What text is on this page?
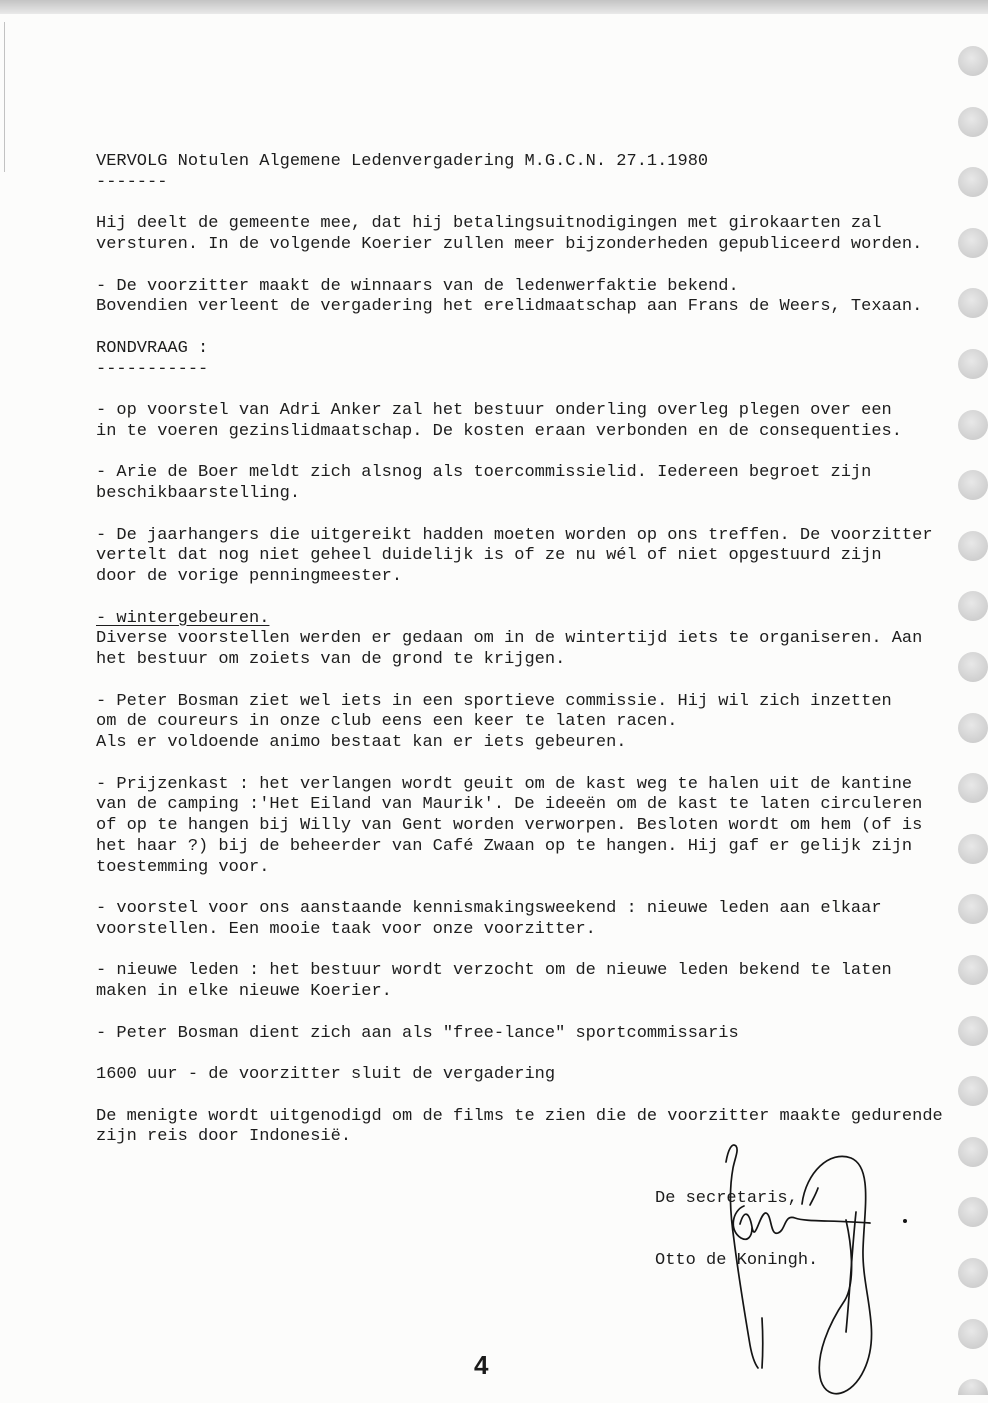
VERVOLG Notulen Algemene Ledenvergadering M.G.C.N. 27.1.1980
-------
Hij deelt de gemeente mee, dat hij betalingsuitnodigingen met girokaarten zal
versturen. In de volgende Koerier zullen meer bijzonderheden gepubliceerd worden.
- De voorzitter maakt de winnaars van de ledenwerfaktie bekend.
Bovendien verleent de vergadering het erelidmaatschap aan Frans de Weers, Texaan.
RONDVRAAG :
-----------
- op voorstel van Adri Anker zal het bestuur onderling overleg plegen over een
in te voeren gezinslidmaatschap. De kosten eraan verbonden en de consequenties.
- Arie de Boer meldt zich alsnog als toercommissielid. Iedereen begroet zijn
beschikbaarstelling.
- De jaarhangers die uitgereikt hadden moeten worden op ons treffen. De voorzitter
vertelt dat nog niet geheel duidelijk is of ze nu wél of niet opgestuurd zijn
door de vorige penningmeester.
- wintergebeuren.
Diverse voorstellen werden er gedaan om in de wintertijd iets te organiseren. Aan
het bestuur om zoiets van de grond te krijgen.
- Peter Bosman ziet wel iets in een sportieve commissie. Hij wil zich inzetten
om de coureurs in onze club eens een keer te laten racen.
Als er voldoende animo bestaat kan er iets gebeuren.
- Prijzenkast : het verlangen wordt geuit om de kast weg te halen uit de kantine
van de camping :'Het Eiland van Maurik'. De ideeën om de kast te laten circuleren
of op te hangen bij Willy van Gent worden verworpen. Besloten wordt om hem (of is
het haar ?) bij de beheerder van Café Zwaan op te hangen. Hij gaf er gelijk zijn
toestemming voor.
- voorstel voor ons aanstaande kennismakingsweekend : nieuwe leden aan elkaar
voorstellen. Een mooie taak voor onze voorzitter.
- nieuwe leden : het bestuur wordt verzocht om de nieuwe leden bekend te laten
maken in elke nieuwe Koerier.
- Peter Bosman dient zich aan als "free-lance" sportcommissaris
1600 uur - de voorzitter sluit de vergadering
De menigte wordt uitgenodigd om de films te zien die de voorzitter maakte gedurende
zijn reis door Indonesië.
De secretaris,
Otto de Koningh.
4
